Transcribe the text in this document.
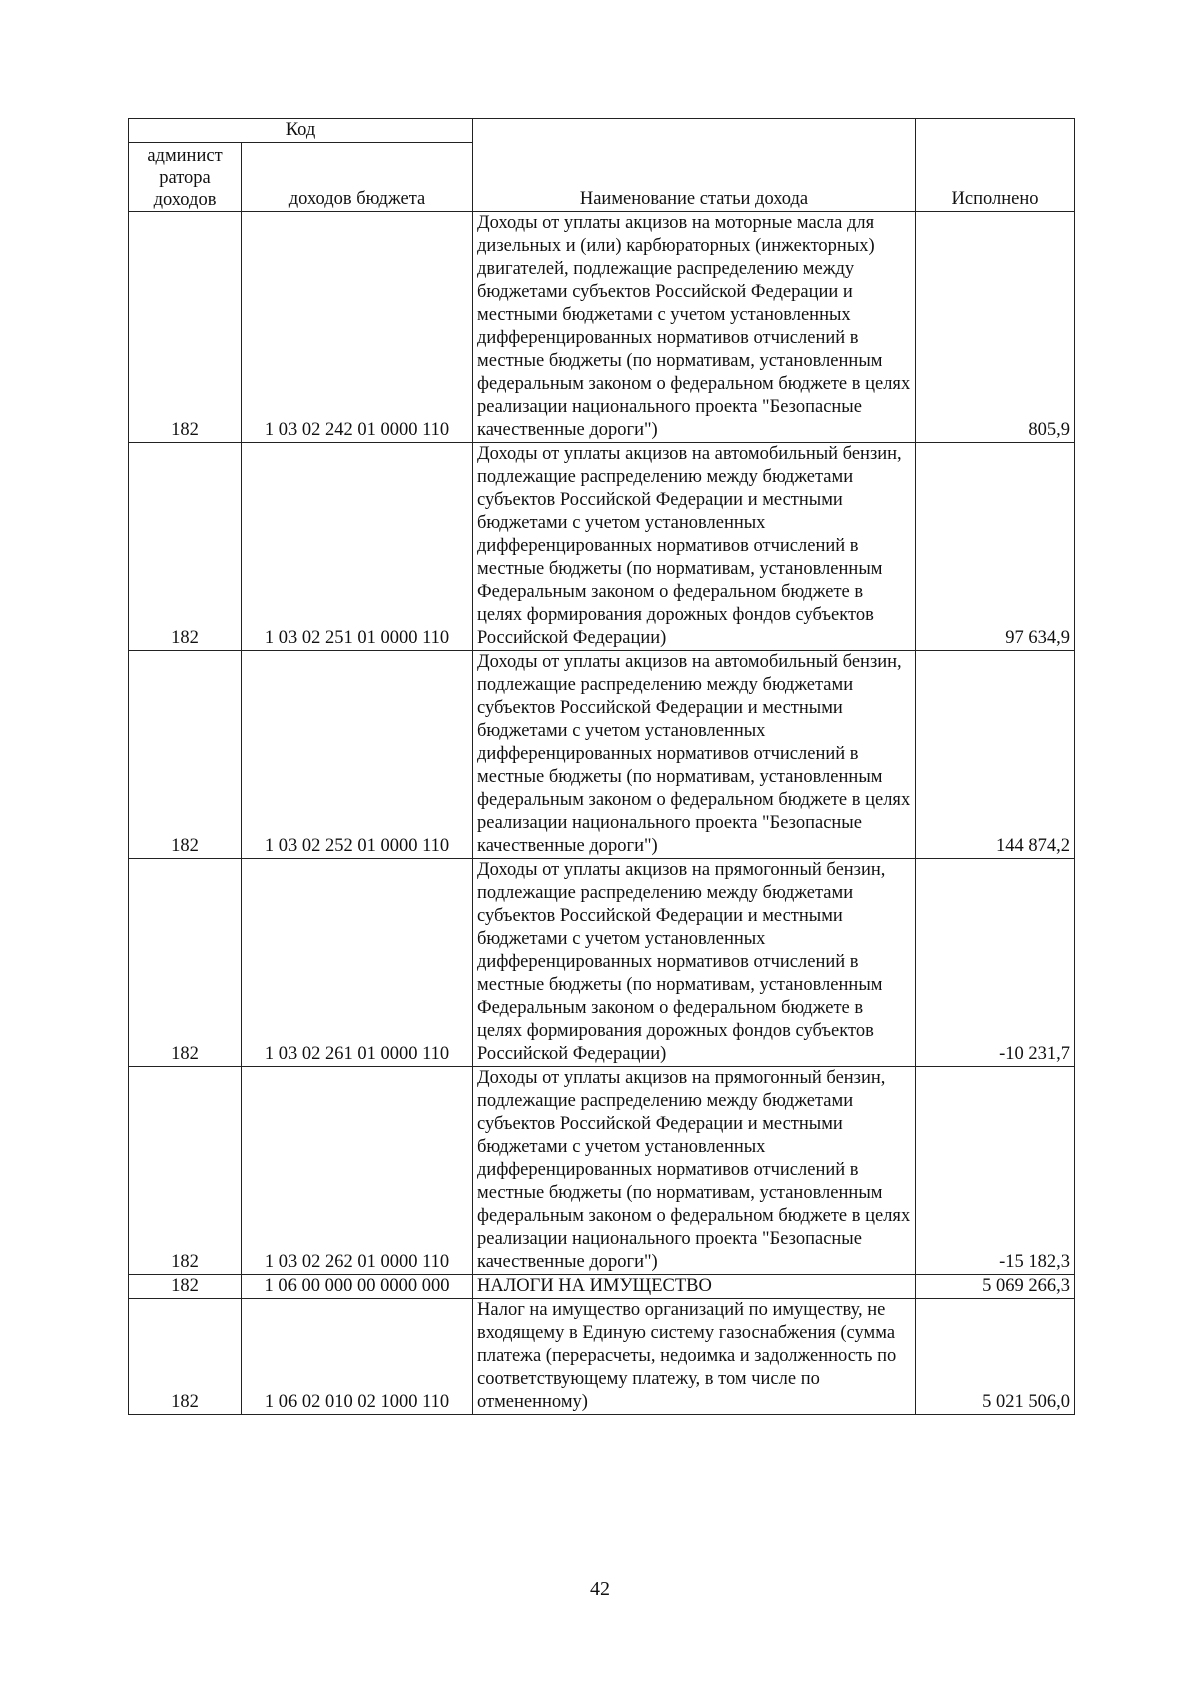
Код		Наименование статьи дохода	Исполнено
админист
ратора
доходов	доходов бюджета		
182	1 03 02 242 01 0000 110	Доходы от уплаты акцизов на моторные масла для дизельных и (или) карбюраторных (инжекторных) двигателей, подлежащие распределению между бюджетами субъектов Российской Федерации и местными бюджетами с учетом установленных дифференцированных нормативов отчислений в местные бюджеты (по нормативам, установленным федеральным законом о федеральном бюджете в целях реализации национального проекта "Безопасные качественные дороги")	805,9
182	1 03 02 251 01 0000 110	Доходы от уплаты акцизов на автомобильный бензин, подлежащие распределению между бюджетами субъектов Российской Федерации и местными бюджетами с учетом установленных дифференцированных нормативов отчислений в местные бюджеты (по нормативам, установленным Федеральным законом о федеральном бюджете в целях формирования дорожных фондов субъектов Российской Федерации)	97 634,9
182	1 03 02 252 01 0000 110	Доходы от уплаты акцизов на автомобильный бензин, подлежащие распределению между бюджетами субъектов Российской Федерации и местными бюджетами с учетом установленных дифференцированных нормативов отчислений в местные бюджеты (по нормативам, установленным федеральным законом о федеральном бюджете в целях реализации национального проекта "Безопасные качественные дороги")	144 874,2
182	1 03 02 261 01 0000 110	Доходы от уплаты акцизов на прямогонный бензин, подлежащие распределению между бюджетами субъектов Российской Федерации и местными бюджетами с учетом установленных дифференцированных нормативов отчислений в местные бюджеты (по нормативам, установленным Федеральным законом о федеральном бюджете в целях формирования дорожных фондов субъектов Российской Федерации)	-10 231,7
182	1 03 02 262 01 0000 110	Доходы от уплаты акцизов на прямогонный бензин, подлежащие распределению между бюджетами субъектов Российской Федерации и местными бюджетами с учетом установленных дифференцированных нормативов отчислений в местные бюджеты (по нормативам, установленным федеральным законом о федеральном бюджете в целях реализации национального проекта "Безопасные качественные дороги")	-15 182,3
182	1 06 00 000 00 0000 000	НАЛОГИ НА ИМУЩЕСТВО	5 069 266,3
182	1 06 02 010 02 1000 110	Налог на имущество организаций по имуществу, не входящему в Единую систему газоснабжения (сумма платежа (перерасчеты, недоимка и задолженность по соответствующему платежу, в том числе по отмененному)	5 021 506,0
42
